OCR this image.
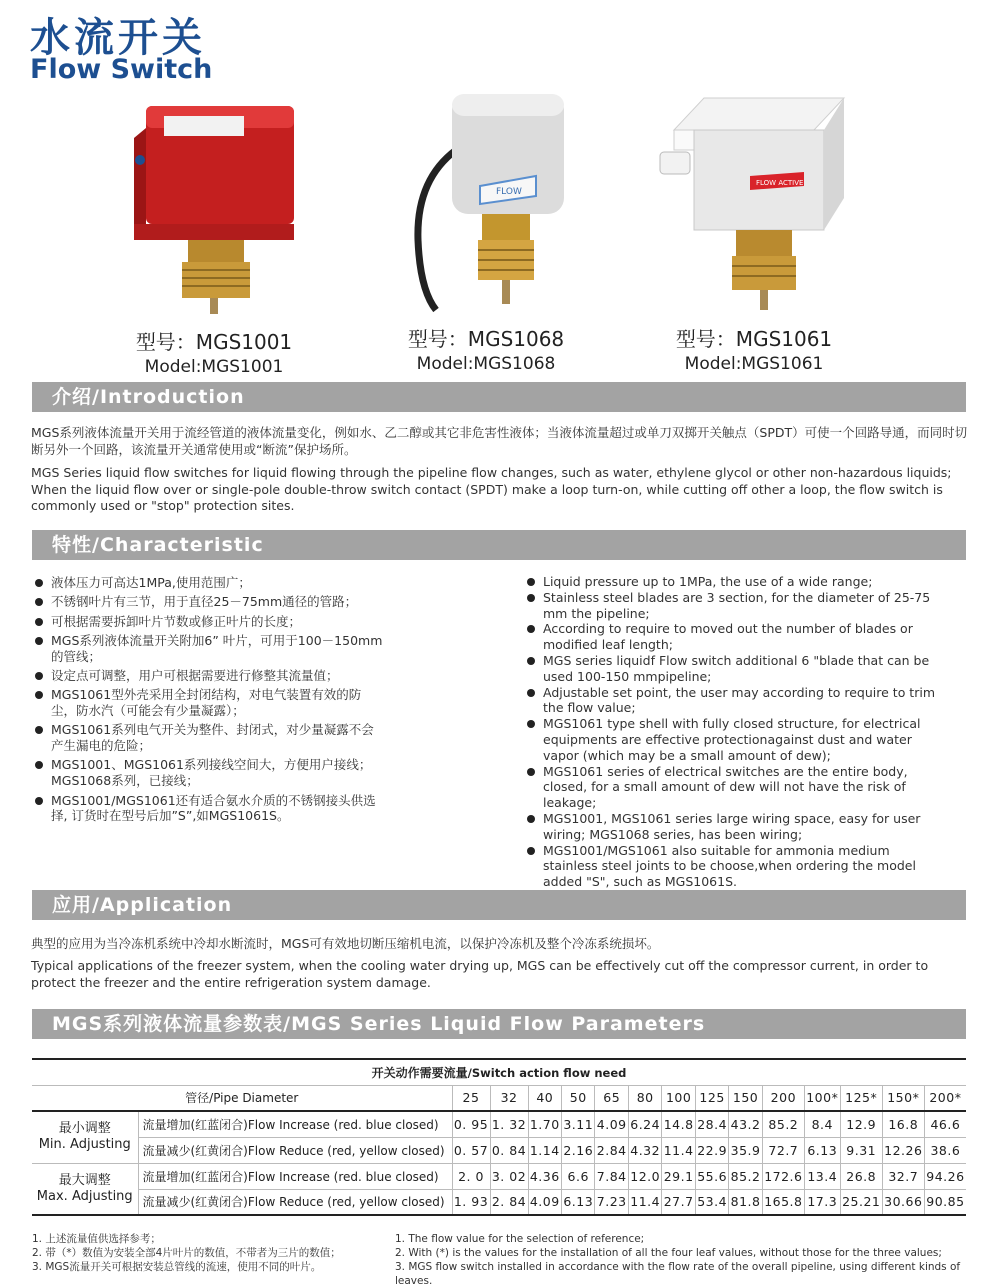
水流开关
Flow Switch
型号：MGS1001
Model:MGS1001
FLOW
型号：MGS1068
Model:MGS1068
FLOW ACTIVE
型号：MGS1061
Model:MGS1061
介绍/Introduction
MGS系列液体流量开关用于流经管道的液体流量变化，例如水、乙二醇或其它非危害性液体；当液体流量超过或单刀双掷开关触点（SPDT）可使一个回路导通，而同时切断另外一个回路，该流量开关通常使用或“断流”保护场所。
MGS Series liquid flow switches for liquid flowing through the pipeline flow changes, such as water, ethylene glycol or other non-hazardous liquids; When the liquid flow over or single-pole double-throw switch contact (SPDT) make a loop turn-on, while cutting off other a loop, the flow switch is commonly used or "stop" protection sites.
特性/Characteristic
液体压力可高达1MPa,使用范围广；
不锈钢叶片有三节，用于直径25－75mm通径的管路；
可根据需要拆卸叶片节数或修正叶片的长度；
MGS系列液体流量开关附加6” 叶片，可用于100－150mm的管线；
设定点可调整，用户可根据需要进行修整其流量值；
MGS1061型外壳采用全封闭结构，对电气装置有效的防尘，防水汽（可能会有少量凝露）；
MGS1061系列电气开关为整件、封闭式，对少量凝露不会产生漏电的危险；
MGS1001、MGS1061系列接线空间大，方便用户接线；MGS1068系列，已接线；
MGS1001/MGS1061还有适合氨水介质的不锈钢接头供选择, 订货时在型号后加”S”,如MGS1061S。
Liquid pressure up to 1MPa, the use of a wide range;
Stainless steel blades are 3 section, for the diameter of 25-75 mm the pipeline;
According to require to moved out the number of blades or modified leaf length;
MGS series liquidf Flow switch additional 6 "blade that can be used 100-150 mmpipeline;
Adjustable set point, the user may according to require to trim the flow value;
MGS1061 type shell with fully closed structure, for electrical equipments are effective protectionagainst dust and water vapor (which may be a small amount of dew);
MGS1061 series of electrical switches are the entire body, closed, for a small amount of dew will not have the risk of leakage;
MGS1001, MGS1061 series large wiring space, easy for user wiring; MGS1068 series, has been wiring;
MGS1001/MGS1061 also suitable for ammonia medium stainless steel joints to be choose,when ordering the model added "S", such as MGS1061S.
应用/Application
典型的应用为当冷冻机系统中冷却水断流时，MGS可有效地切断压缩机电流，以保护冷冻机及整个冷冻系统损坏。
Typical applications of the freezer system, when the cooling water drying up, MGS can be effectively cut off the compressor current, in order to protect the freezer and the entire refrigeration system damage.
MGS系列液体流量参数表/MGS Series Liquid Flow Parameters
开关动作需要流量/Switch action flow need															
管径/Pipe Diameter		25	32	40	50	65	80	100	125	150	200	100*	125*	150*	200*

最小调整
Min. Adjusting	流量增加(红蓝闭合)Flow Increase (red. blue closed)	0. 95	1. 32	1.70	3.11	4.09	6.24	14.8	28.4	43.2	85.2	8.4	12.9	16.8	46.6
	流量减少(红黄闭合)Flow Reduce (red, yellow closed)	0. 57	0. 84	1.14	2.16	2.84	4.32	11.4	22.9	35.9	72.7	6.13	9.31	12.26	38.6

最大调整
Max. Adjusting	流量增加(红蓝闭合)Flow Increase (red. blue closed)	2. 0	3. 02	4.36	6.6	7.84	12.0	29.1	55.6	85.2	172.6	13.4	26.8	32.7	94.26
	流量减少(红黄闭合)Flow Reduce (red, yellow closed)	1. 93	2. 84	4.09	6.13	7.23	11.4	27.7	53.4	81.8	165.8	17.3	25.21	30.66	90.85
1. 上述流量值供选择参考；
2. 带（*）数值为安装全部4片叶片的数值，不带者为三片的数值；
3. MGS流量开关可根据安装总管线的流速，使用不同的叶片。
1. The flow value for the selection of reference;
2. With (*) is the values for the installation of all the four leaf values, without those for the three values;
3. MGS flow switch installed in accordance with the flow rate of the overall pipeline, using different kinds of leaves.
